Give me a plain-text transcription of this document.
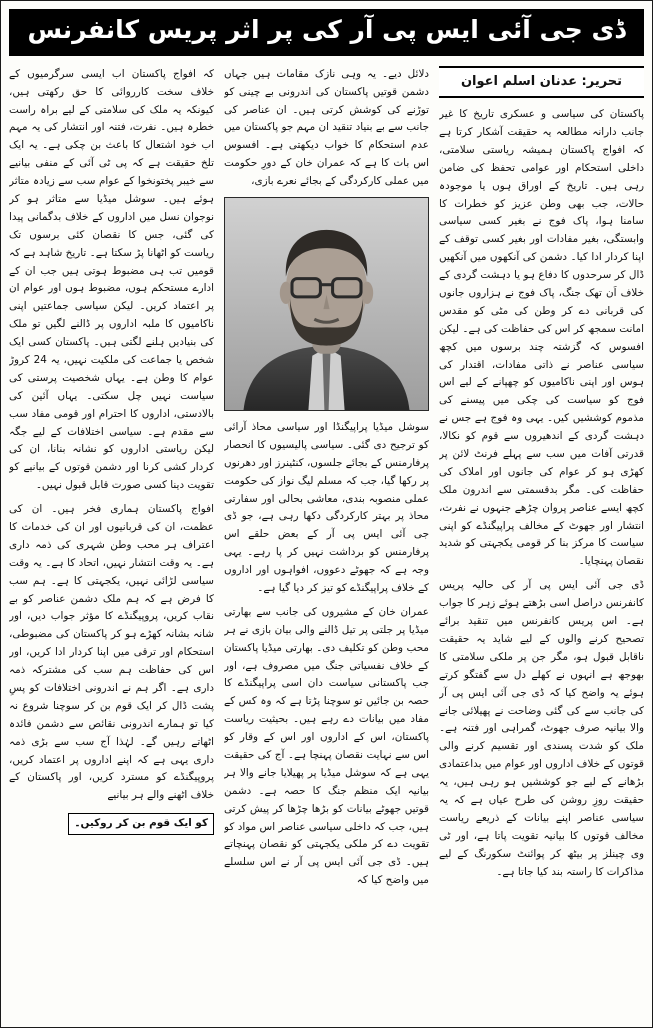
ڈی جی آئی ایس پی آر کی پر اثر پریس کانفرنس
تحریر: عدنان اسلم اعوان

پاکستان کی سیاسی و عسکری تاریخ کا غیر جانب دارانہ مطالعہ یہ حقیقت آشکار کرتا ہے کہ افواج پاکستان ہمیشہ ریاستی سلامتی، داخلی استحکام اور عوامی تحفظ کی ضامن رہی ہیں۔ تاریخ کے اوراق ہوں یا موجودہ حالات، جب بھی وطن عزیز کو خطرات کا سامنا ہوا، پاک فوج نے بغیر کسی سیاسی وابستگی، بغیر مفادات اور بغیر کسی توقف کے اپنا کردار ادا کیا۔ دشمن کی آنکھوں میں آنکھیں ڈال کر سرحدوں کا دفاع ہو یا دہشت گردی کے خلاف اَن تھک جنگ، پاک فوج نے ہزاروں جانوں کی قربانی دے کر وطن کی مٹی کو مقدس امانت سمجھ کر اس کی حفاظت کی ہے۔ لیکن افسوس کہ گزشتہ چند برسوں میں کچھ سیاسی عناصر نے ذاتی مفادات، اقتدار کی ہوس اور اپنی ناکامیوں کو چھپانے کے لیے اس فوج کو سیاست کی چکی میں پیسنے کی مذموم کوششیں کیں۔ یہی وہ فوج ہے جس نے دہشت گردی کے اندھیروں سے قوم کو نکالا، قدرتی آفات میں سب سے پہلے فرنٹ لائن پر کھڑی ہو کر عوام کی جانوں اور املاک کی حفاظت کی۔ مگر بدقسمتی سے اندرون ملک کچھ ایسے عناصر پروان چڑھے جنہوں نے نفرت، انتشار اور جھوٹ کے مخالف پراپیگنڈے کو اپنی سیاست کا مرکز بنا کر قومی یکجہتی کو شدید نقصان پہنچایا۔

ڈی جی آئی ایس پی آر کی حالیہ پریس کانفرنس دراصل اسی بڑھتے ہوئے زہر کا جواب ہے۔ اس پریس کانفرنس میں تنقید برائے تصحیح کرنے والوں کے لیے شاید یہ حقیقت ناقابل قبول ہو، مگر جن پر ملکی سلامتی کا بھوجھ ہے انہوں نے کھلے دل سے گفتگو کرتے ہوئے یہ واضح کیا کہ ڈی جی آئی ایس پی آر کی جانب سے کی گئی وضاحت نے پھیلائی جانے والا بیانیہ صرف جھوٹ، گمراہی اور فتنہ ہے۔ ملک کو شدت پسندی اور تقسیم کرنے والی قوتوں کے خلاف اداروں اور عوام میں بداعتمادی بڑھانے کے لیے جو کوششیں ہو رہی ہیں، یہ حقیقت روزِ روشن کی طرح عیاں ہے کہ یہ سیاسی عناصر اپنے بیانات کے ذریعے ریاست مخالف قوتوں کا بیانیہ تقویت پاتا ہے، اور ٹی وی چینلز پر بیٹھ کر پوائنٹ سکورنگ کے لیے مذاکرات کا راستہ بند کیا جاتا ہے۔

دلائل دیے۔ یہ وہی نازک مقامات ہیں جہاں دشمن قوتیں پاکستان کی اندرونی بے چینی کو توڑنے کی کوشش کرتی ہیں۔ ان عناصر کی جانب سے بے بنیاد تنقید ان مہم جو پاکستان میں عدم استحکام کا خواب دیکھتی ہے۔ افسوس اس بات کا ہے کہ عمران خان کے دورِ حکومت میں عملی کارکردگی کے بجائے نعرے بازی،

سوشل میڈیا پراپیگنڈا اور سیاسی محاذ آرائی کو ترجیح دی گئی۔ سیاسی پالیسیوں کا انحصار پرفارمنس کے بجائے جلسوں، کنٹینرز اور دھرنوں پر رکھا گیا، جب کہ مسلم لیگ نواز کی حکومت عملی منصوبہ بندی، معاشی بحالی اور سفارتی محاذ پر بہتر کارکردگی دکھا رہی ہے، جو ڈی جی آئی ایس پی آر کے بعض حلقے اس پرفارمنس کو برداشت نہیں کر پا رہے۔ یہی وجہ ہے کہ جھوٹے دعووں، افواہوں اور اداروں کے خلاف پراپیگنڈے کو تیز کر دیا گیا ہے۔

عمران خان کے مشیروں کی جانب سے بھارتی میڈیا پر جلتی پر تیل ڈالنے والی بیان بازی نے ہر محب وطن کو تکلیف دی۔ بھارتی میڈیا پاکستان کے خلاف نفسیاتی جنگ میں مصروف ہے، اور جب پاکستانی سیاست دان اسی پراپیگنڈے کا حصہ بن جائیں تو سوچنا پڑتا ہے کہ وہ کس کے مفاد میں بیانات دے رہے ہیں۔ بحیثیت ریاست پاکستان، اس کے اداروں اور اس کے وقار کو اس سے نہایت نقصان پہنچا ہے۔ آج کی حقیقت یہی ہے کہ سوشل میڈیا پر پھیلایا جانے والا ہر بیانیہ ایک منظم جنگ کا حصہ ہے۔ دشمن قوتیں جھوٹے بیانات کو بڑھا چڑھا کر پیش کرتی ہیں، جب کہ داخلی سیاسی عناصر اس مواد کو تقویت دے کر ملکی یکجہتی کو نقصان پہنچاتے ہیں۔ ڈی جی آئی ایس پی آر نے اس سلسلے میں واضح کیا کہ

کہ افواج پاکستان اب ایسی سرگرمیوں کے خلاف سخت کارروائی کا حق رکھتی ہیں، کیونکہ یہ ملک کی سلامتی کے لیے براہ راست خطرہ ہیں۔ نفرت، فتنہ اور انتشار کی یہ مہم اب خود اشتعال کا باعث بن چکی ہے۔ یہ ایک تلخ حقیقت ہے کہ پی ٹی آئی کے منفی بیانیے سے خیبر پختونخوا کے عوام سب سے زیادہ متاثر ہوئے ہیں۔ سوشل میڈیا سے متاثر ہو کر نوجوان نسل میں اداروں کے خلاف بدگمانی پیدا کی گئی، جس کا نقصان کئی برسوں تک ریاست کو اٹھانا پڑ سکتا ہے۔ تاریخ شاہد ہے کہ قومیں تب ہی مضبوط ہوتی ہیں جب ان کے ادارے مستحکم ہوں، مضبوط ہوں اور عوام ان پر اعتماد کریں۔ لیکن سیاسی جماعتیں اپنی ناکامیوں کا ملبہ اداروں پر ڈالنے لگیں تو ملک کی بنیادیں ہلنے لگتی ہیں۔ پاکستان کسی ایک شخص یا جماعت کی ملکیت نہیں، یہ 24 کروڑ عوام کا وطن ہے۔ یہاں شخصیت پرستی کی سیاست نہیں چل سکتی۔ یہاں آئین کی بالادستی، اداروں کا احترام اور قومی مفاد سب سے مقدم ہے۔ سیاسی اختلافات کے لیے جگہ لیکن ریاستی اداروں کو نشانہ بنانا، ان کی کردار کشی کرنا اور دشمن قوتوں کے بیانیے کو تقویت دینا کسی صورت قابل قبول نہیں۔

افواج پاکستان ہماری فخر ہیں۔ ان کی عظمت، ان کی قربانیوں اور ان کی خدمات کا اعتراف ہر محب وطن شہری کی ذمہ داری ہے۔ یہ وقت انتشار نہیں، اتحاد کا ہے۔ یہ وقت سیاسی لڑائی نہیں، یکجہتی کا ہے۔ ہم سب کا فرض ہے کہ ہم ملک دشمن عناصر کو بے نقاب کریں، پروپیگنڈے کا مؤثر جواب دیں، اور شانہ بشانہ کھڑے ہو کر پاکستان کی مضبوطی، استحکام اور ترقی میں اپنا کردار ادا کریں، اور اس کی حفاظت ہم سب کی مشترکہ ذمہ داری ہے۔ اگر ہم نے اندرونی اختلافات کو پسِ پشت ڈال کر ایک قوم بن کر سوچنا شروع نہ کیا تو ہمارے اندرونی نقائص سے دشمن فائدہ اٹھاتے رہیں گے۔ لہٰذا آج سب سے بڑی ذمہ داری یہی ہے کہ اپنے اداروں پر اعتماد کریں، پروپیگنڈے کو مسترد کریں، اور پاکستان کے خلاف اٹھنے والے ہر بیانیے

کو ایک قوم بن کر روکیں۔
